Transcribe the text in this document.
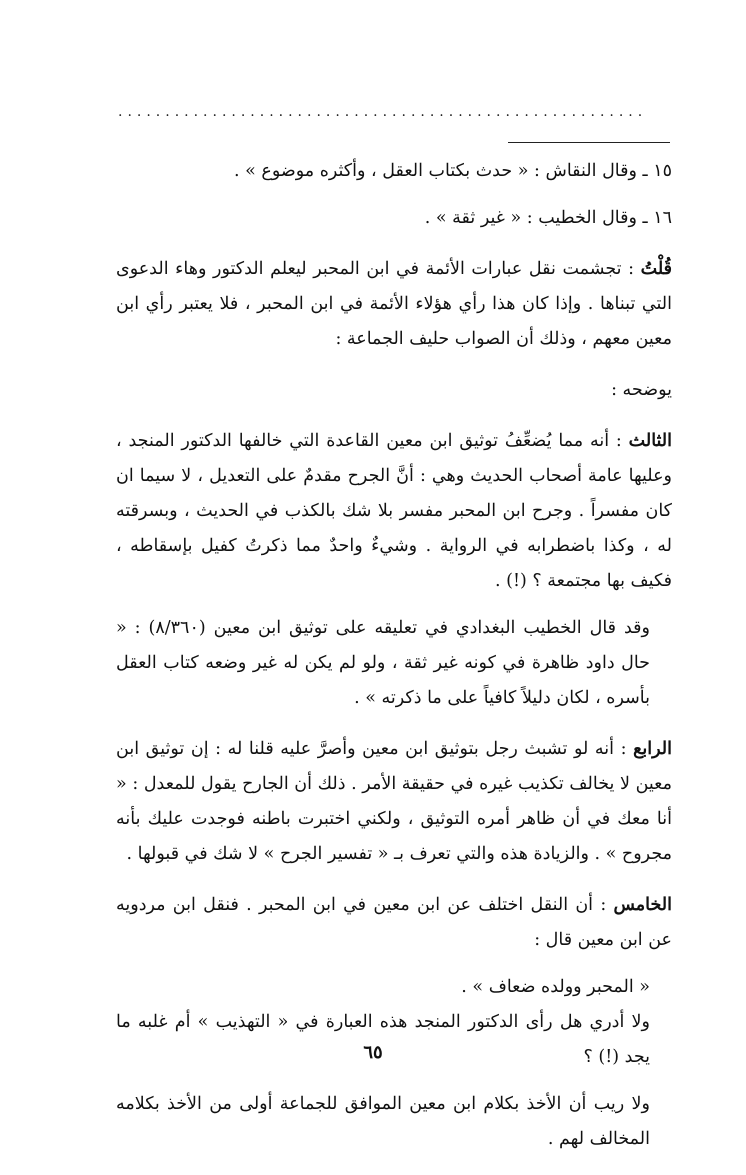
........................................................

١٥ ـ وقال النقاش : « حدث بكتاب العقل ، وأكثره موضوع » .

١٦ ـ وقال الخطيب : « غير ثقة » .

قُلْتُ : تجشمت نقل عبارات الأئمة في ابن المحبر ليعلم الدكتور وهاء الدعوى التي تبناها . وإذا كان هذا رأي هؤلاء الأئمة في ابن المحبر ، فلا يعتبر رأي ابن معين معهم ، وذلك أن الصواب حليف الجماعة :

يوضحه :

الثالث : أنه مما يُضعِّفُ توثيق ابن معين القاعدة التي خالفها الدكتور المنجد ، وعليها عامة أصحاب الحديث وهي : أنَّ الجرح مقدمٌ على التعديل ، لا سيما ان كان مفسراً . وجرح ابن المحبر مفسر بلا شك بالكذب في الحديث ، وبسرقته له ، وكذا باضطرابه في الرواية . وشيءٌ واحدٌ مما ذكرتُ كفيل بإسقاطه ، فكيف بها مجتمعة ؟ (!) .

وقد قال الخطيب البغدادي في تعليقه على توثيق ابن معين (٨/٣٦٠) : « حال داود ظاهرة في كونه غير ثقة ، ولو لم يكن له غير وضعه كتاب العقل بأسره ، لكان دليلاً كافياً على ما ذكرته » .

الرابع : أنه لو تشبث رجل بتوثيق ابن معين وأصرَّ عليه قلنا له : إن توثيق ابن معين لا يخالف تكذيب غيره في حقيقة الأمر . ذلك أن الجارح يقول للمعدل : « أنا معك في أن ظاهر أمره التوثيق ، ولكني اختبرت باطنه فوجدت عليك بأنه مجروح » . والزيادة هذه والتي تعرف بـ « تفسير الجرح » لا شك في قبولها .

الخامس : أن النقل اختلف عن ابن معين في ابن المحبر . فنقل ابن مردويه عن ابن معين قال :

« المحبر وولده ضعاف » .

ولا أدري هل رأى الدكتور المنجد هذه العبارة في « التهذيب » أم غلبه ما يجد (!) ؟

ولا ريب أن الأخذ بكلام ابن معين الموافق للجماعة أولى من الأخذ بكلامه المخالف لهم .

٦٥
